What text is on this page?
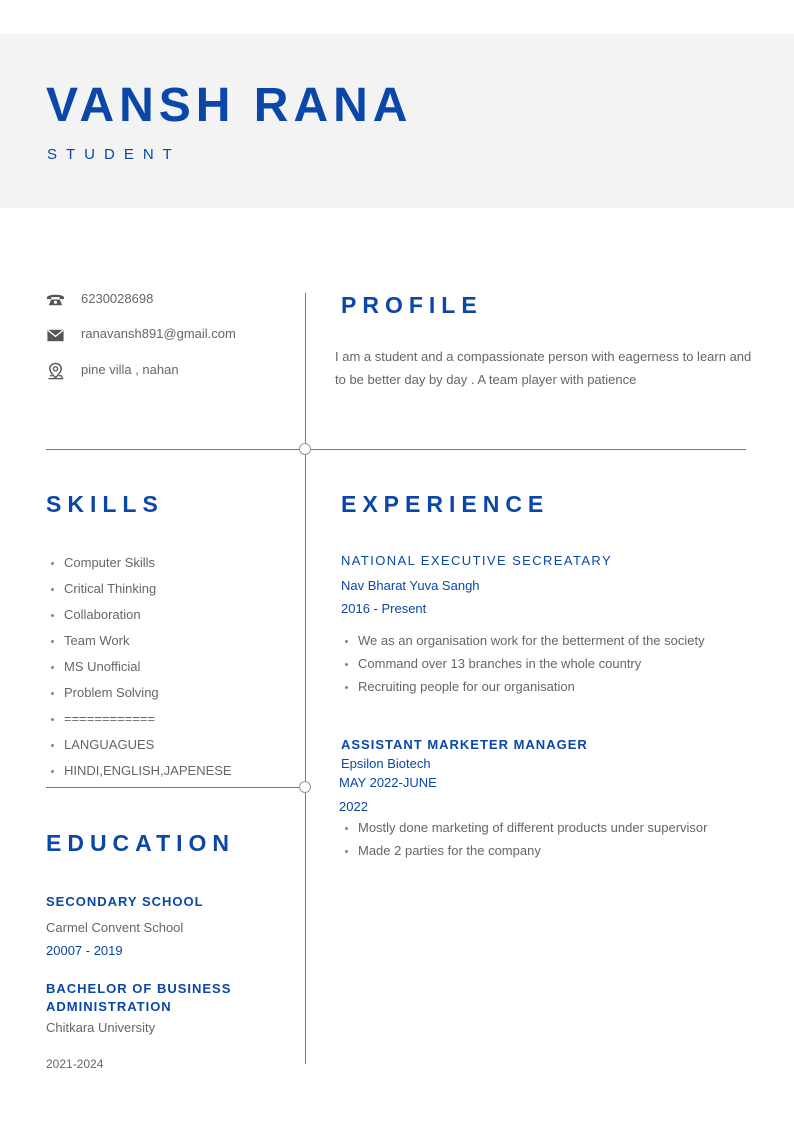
VANSH RANA
STUDENT
6230028698
ranavansh891@gmail.com
pine villa , nahan
PROFILE
I am a student and a compassionate person with eagerness to learn and to be better day by day . A team player with patience
SKILLS
• Computer Skills
• Critical Thinking
• Collaboration
• Team Work
• MS Unofficial
• Problem Solving
• ============
• LANGUAGUES
• HINDI,ENGLISH,JAPENESE
EXPERIENCE
NATIONAL EXECUTIVE SECREATARY
Nav Bharat Yuva Sangh
2016 - Present
• We as an organisation work for the betterment of the society
• Command over 13 branches in the whole country
• Recruiting people for our organisation
ASSISTANT MARKETER MANAGER
Epsilon Biotech
MAY 2022-JUNE
2022
• Mostly done marketing of different products under supervisor
• Made 2 parties for the company
EDUCATION
SECONDARY SCHOOL
Carmel Convent School
20007 - 2019
BACHELOR OF BUSINESS
ADMINISTRATION
Chitkara University
2021-2024
